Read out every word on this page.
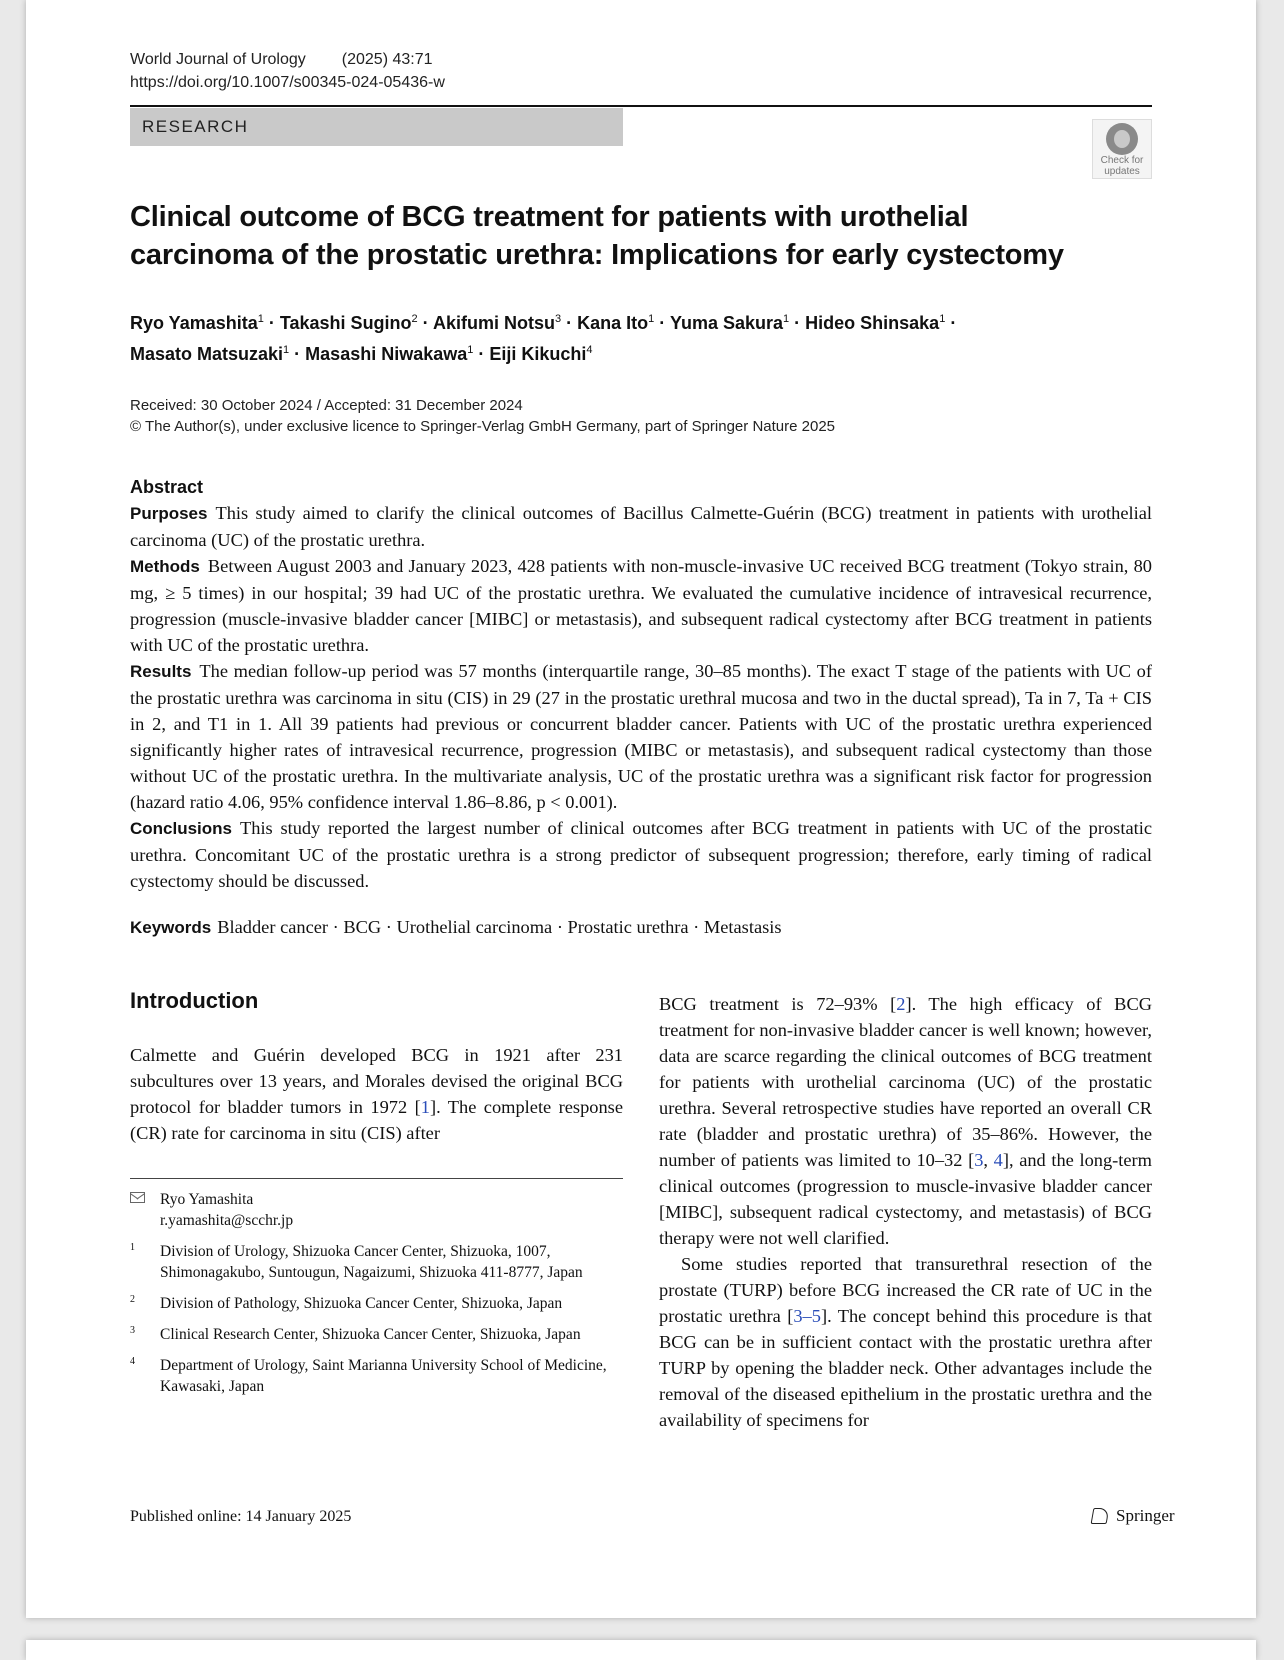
World Journal of Urology (2025) 43:71
https://doi.org/10.1007/s00345-024-05436-w
RESEARCH
Check for
updates
Clinical outcome of BCG treatment for patients with urothelial
carcinoma of the prostatic urethra: Implications for early cystectomy
Ryo Yamashita$^1$ · Takashi Sugino$^2$ · Akifumi Notsu$^3$ · Kana Ito$^1$ · Yuma Sakura$^1$ · Hideo Shinsaka$^1$ ·
Masato Matsuzaki$^1$ · Masashi Niwakawa$^1$ · Eiji Kikuchi$^4$
Received: 30 October 2024 / Accepted: 31 December 2024
© The Author(s), under exclusive licence to Springer-Verlag GmbH Germany, part of Springer Nature 2025
Abstract

Purposes This study aimed to clarify the clinical outcomes of Bacillus Calmette-Guérin (BCG) treatment in patients with urothelial carcinoma (UC) of the prostatic urethra.

Methods Between August 2003 and January 2023, 428 patients with non-muscle-invasive UC received BCG treatment (Tokyo strain, 80 mg, ≥ 5 times) in our hospital; 39 had UC of the prostatic urethra. We evaluated the cumulative incidence of intravesical recurrence, progression (muscle-invasive bladder cancer [MIBC] or metastasis), and subsequent radical cystectomy after BCG treatment in patients with UC of the prostatic urethra.

Results The median follow-up period was 57 months (interquartile range, 30–85 months). The exact T stage of the patients with UC of the prostatic urethra was carcinoma in situ (CIS) in 29 (27 in the prostatic urethral mucosa and two in the ductal spread), Ta in 7, Ta + CIS in 2, and T1 in 1. All 39 patients had previous or concurrent bladder cancer. Patients with UC of the prostatic urethra experienced significantly higher rates of intravesical recurrence, progression (MIBC or metastasis), and subsequent radical cystectomy than those without UC of the prostatic urethra. In the multivariate analysis, UC of the prostatic urethra was a significant risk factor for progression (hazard ratio 4.06, 95% confidence interval 1.86–8.86, p < 0.001).

Conclusions This study reported the largest number of clinical outcomes after BCG treatment in patients with UC of the prostatic urethra. Concomitant UC of the prostatic urethra is a strong predictor of subsequent progression; therefore, early timing of radical cystectomy should be discussed.

Keywords Bladder cancer · BCG · Urothelial carcinoma · Prostatic urethra · Metastasis
Introduction
Calmette and Guérin developed BCG in 1921 after 231 subcultures over 13 years, and Morales devised the original BCG protocol for bladder tumors in 1972 [1]. The complete response (CR) rate for carcinoma in situ (CIS) after
Ryo Yamashita
r.yamashita@scchr.jp
1 Division of Urology, Shizuoka Cancer Center, Shizuoka, 1007, Shimonagakubo, Suntougun, Nagaizumi, Shizuoka 411-8777, Japan
2 Division of Pathology, Shizuoka Cancer Center, Shizuoka, Japan
3 Clinical Research Center, Shizuoka Cancer Center, Shizuoka, Japan
4 Department of Urology, Saint Marianna University School of Medicine, Kawasaki, Japan

BCG treatment is 72–93% [2]. The high efficacy of BCG treatment for non-invasive bladder cancer is well known; however, data are scarce regarding the clinical outcomes of BCG treatment for patients with urothelial carcinoma (UC) of the prostatic urethra. Several retrospective studies have reported an overall CR rate (bladder and prostatic urethra) of 35–86%. However, the number of patients was limited to 10–32 [3, 4], and the long-term clinical outcomes (progression to muscle-invasive bladder cancer [MIBC], subsequent radical cystectomy, and metastasis) of BCG therapy were not well clarified.

Some studies reported that transurethral resection of the prostate (TURP) before BCG increased the CR rate of UC in the prostatic urethra [3–5]. The concept behind this procedure is that BCG can be in sufficient contact with the prostatic urethra after TURP by opening the bladder neck. Other advantages include the removal of the diseased epithelium in the prostatic urethra and the availability of specimens for

Published online: 14 January 2025	Springer
